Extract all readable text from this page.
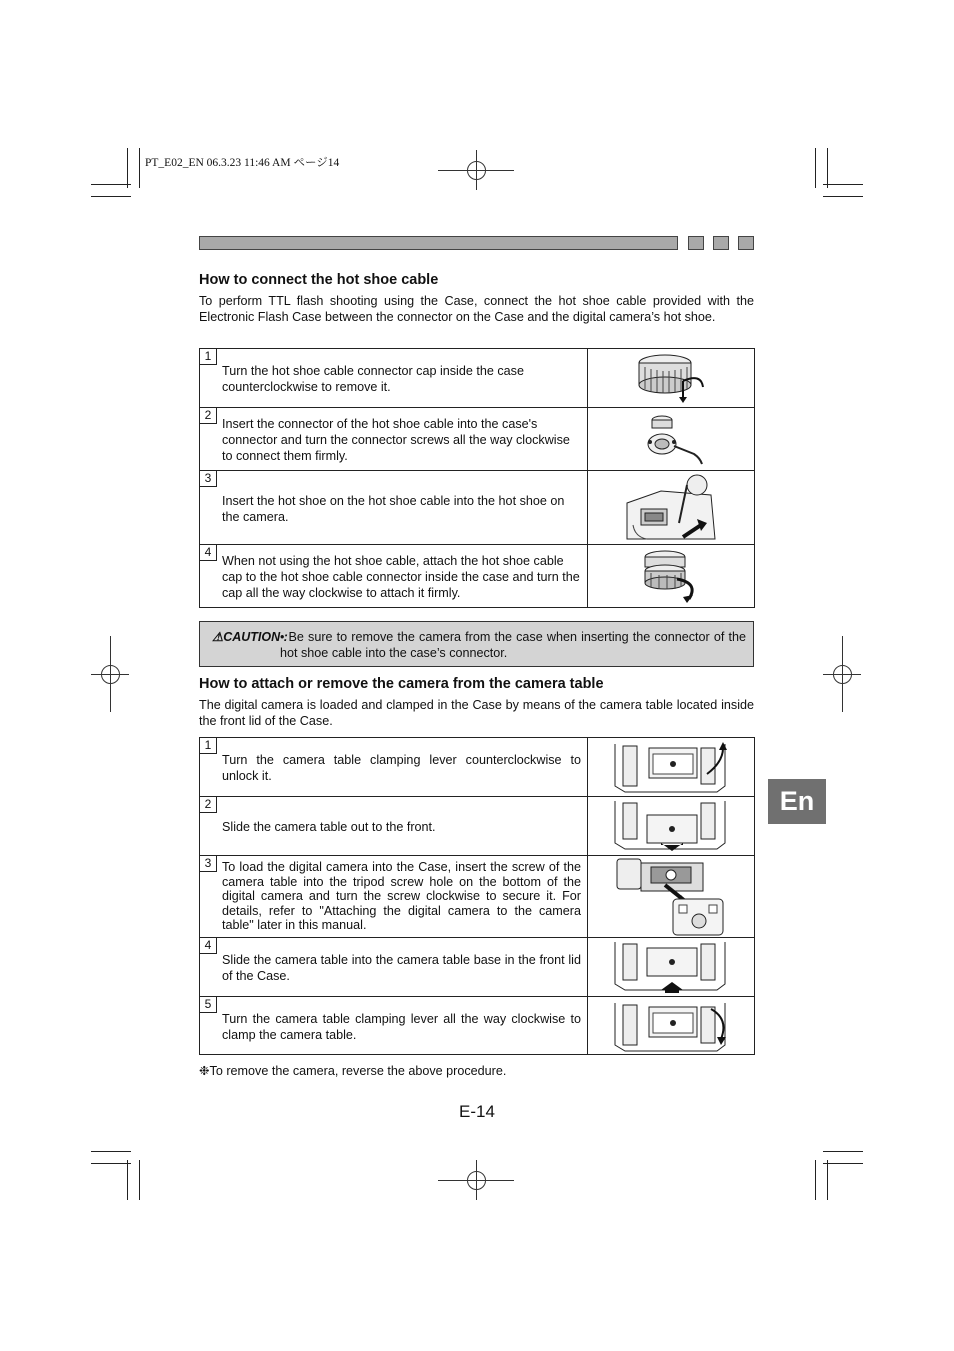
PT_E02_EN 06.3.23 11:46 AM ページ14
How to connect the hot shoe cable
To perform TTL flash shooting using the Case, connect the hot shoe cable provided with the Electronic Flash Case between the connector on the Case and the digital camera’s hot shoe.
1
Turn the hot shoe cable connector cap inside the case counterclockwise to remove it.

2
Insert the connector of the hot shoe cable into the case's connector and turn the connector screws all the way clockwise to connect them firmly.

3
Insert the hot shoe on the hot shoe cable into the hot shoe on the camera.

4
When not using the hot shoe cable, attach the hot shoe cable cap to the hot shoe cable connector inside the case and turn the cap all the way clockwise to attach it firmly.

⚠CAUTION :
• Be sure to remove the camera from the case when inserting the connector of the hot shoe cable into the case’s connector.
How to attach or remove the camera from the camera table
The digital camera is loaded and clamped in the Case by means of the camera table located inside the front lid of the Case.
1
Turn the camera table clamping lever counterclockwise to unlock it.

2
Slide the camera table out to the front.

3 To load the digital camera into the Case, insert the screw of the camera table into the tripod screw hole on the bottom of the digital camera and turn the screw clockwise to secure it. For details, refer to "Attaching the digital camera to the camera table" later in this manual.

4
Slide the camera table into the camera table base in the front lid of the Case.

5
Turn the camera table clamping lever all the way clockwise to clamp the camera table.

❉To remove the camera, reverse the above procedure.
E-14
En
